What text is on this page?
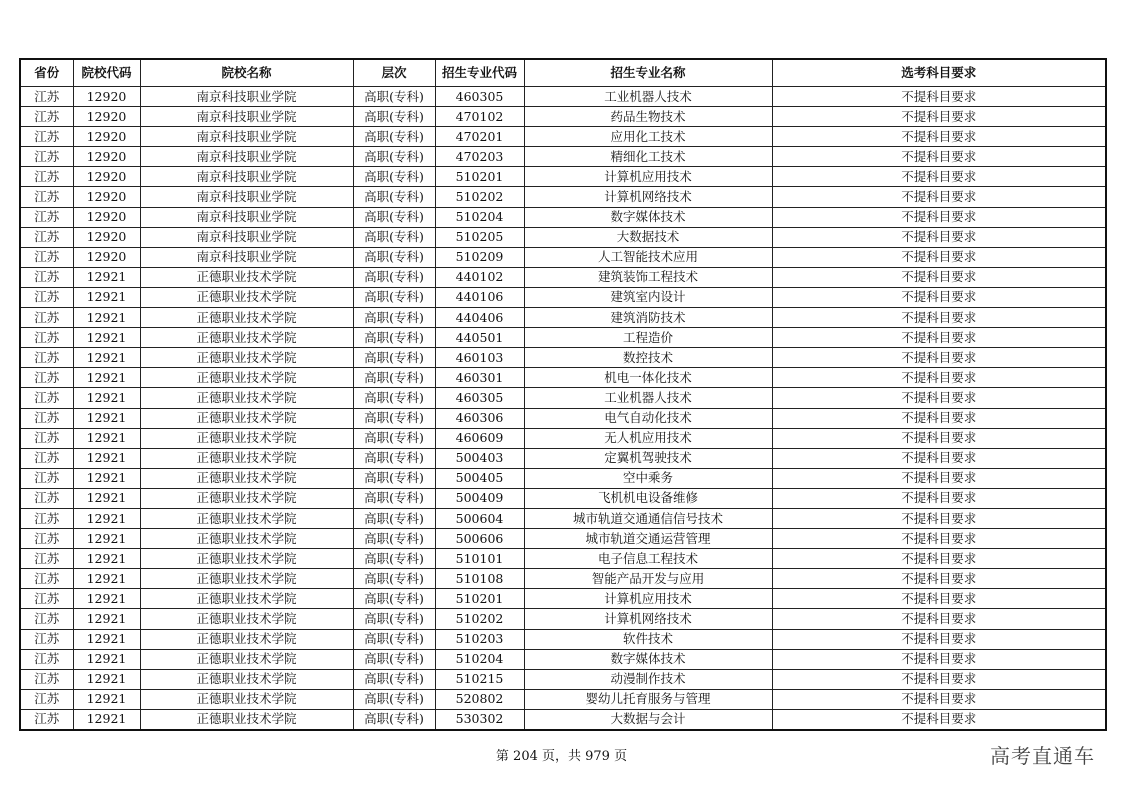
省份	院校代码	院校名称	层次	招生专业代码	招生专业名称	选考科目要求
江苏	12920	南京科技职业学院	高职(专科)	460305	工业机器人技术	不提科目要求
江苏	12920	南京科技职业学院	高职(专科)	470102	药品生物技术	不提科目要求
江苏	12920	南京科技职业学院	高职(专科)	470201	应用化工技术	不提科目要求
江苏	12920	南京科技职业学院	高职(专科)	470203	精细化工技术	不提科目要求
江苏	12920	南京科技职业学院	高职(专科)	510201	计算机应用技术	不提科目要求
江苏	12920	南京科技职业学院	高职(专科)	510202	计算机网络技术	不提科目要求
江苏	12920	南京科技职业学院	高职(专科)	510204	数字媒体技术	不提科目要求
江苏	12920	南京科技职业学院	高职(专科)	510205	大数据技术	不提科目要求
江苏	12920	南京科技职业学院	高职(专科)	510209	人工智能技术应用	不提科目要求
江苏	12921	正德职业技术学院	高职(专科)	440102	建筑装饰工程技术	不提科目要求
江苏	12921	正德职业技术学院	高职(专科)	440106	建筑室内设计	不提科目要求
江苏	12921	正德职业技术学院	高职(专科)	440406	建筑消防技术	不提科目要求
江苏	12921	正德职业技术学院	高职(专科)	440501	工程造价	不提科目要求
江苏	12921	正德职业技术学院	高职(专科)	460103	数控技术	不提科目要求
江苏	12921	正德职业技术学院	高职(专科)	460301	机电一体化技术	不提科目要求
江苏	12921	正德职业技术学院	高职(专科)	460305	工业机器人技术	不提科目要求
江苏	12921	正德职业技术学院	高职(专科)	460306	电气自动化技术	不提科目要求
江苏	12921	正德职业技术学院	高职(专科)	460609	无人机应用技术	不提科目要求
江苏	12921	正德职业技术学院	高职(专科)	500403	定翼机驾驶技术	不提科目要求
江苏	12921	正德职业技术学院	高职(专科)	500405	空中乘务	不提科目要求
江苏	12921	正德职业技术学院	高职(专科)	500409	飞机机电设备维修	不提科目要求
江苏	12921	正德职业技术学院	高职(专科)	500604	城市轨道交通通信信号技术	不提科目要求
江苏	12921	正德职业技术学院	高职(专科)	500606	城市轨道交通运营管理	不提科目要求
江苏	12921	正德职业技术学院	高职(专科)	510101	电子信息工程技术	不提科目要求
江苏	12921	正德职业技术学院	高职(专科)	510108	智能产品开发与应用	不提科目要求
江苏	12921	正德职业技术学院	高职(专科)	510201	计算机应用技术	不提科目要求
江苏	12921	正德职业技术学院	高职(专科)	510202	计算机网络技术	不提科目要求
江苏	12921	正德职业技术学院	高职(专科)	510203	软件技术	不提科目要求
江苏	12921	正德职业技术学院	高职(专科)	510204	数字媒体技术	不提科目要求
江苏	12921	正德职业技术学院	高职(专科)	510215	动漫制作技术	不提科目要求
江苏	12921	正德职业技术学院	高职(专科)	520802	婴幼儿托育服务与管理	不提科目要求
江苏	12921	正德职业技术学院	高职(专科)	530302	大数据与会计	不提科目要求
第 204 页，共 979 页	高考直通车
